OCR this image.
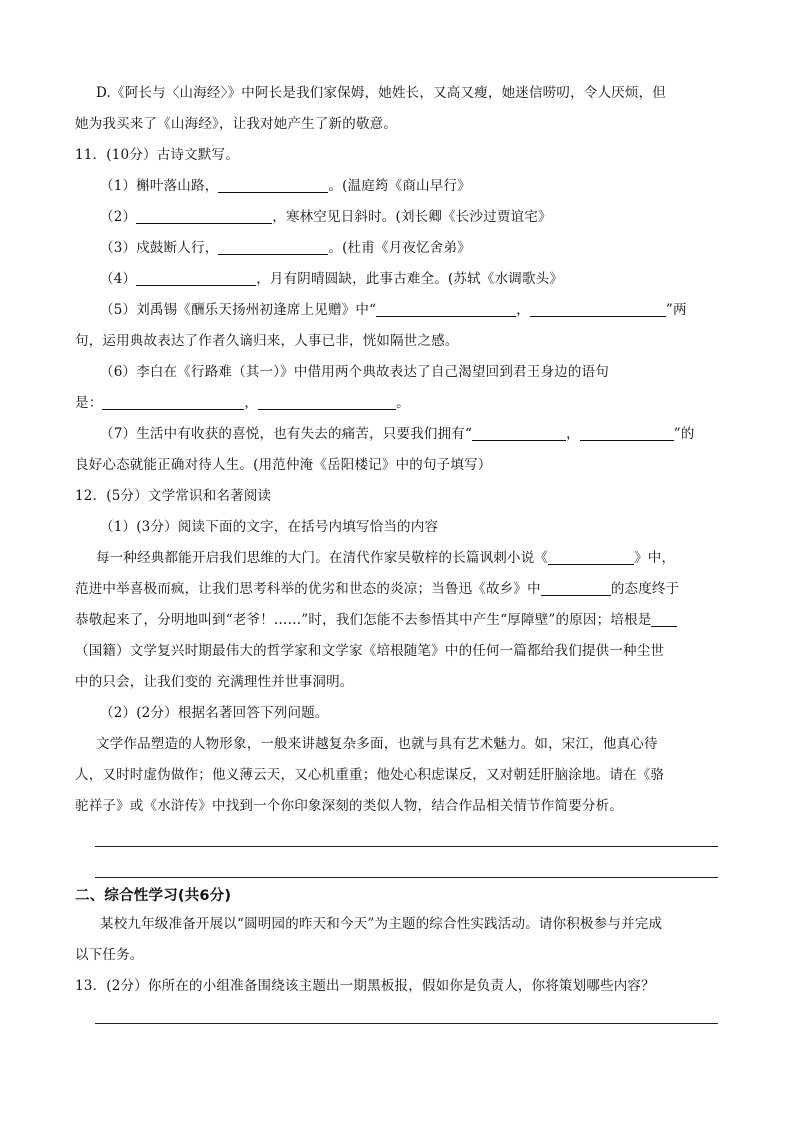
D.《阿长与〈山海经〉》中阿长是我们家保姆，她姓长，又高又瘦，她迷信唠叨，令人厌烦，但
她为我买来了《山海经》，让我对她产生了新的敬意。
11．(10分）古诗文默写。
（1）槲叶落山路，	。(温庭筠《商山早行》
（2）	，寒林空见日斜时。(刘长卿《长沙过贾谊宅》
（3）戍鼓断人行，	。(杜甫《月夜忆舍弟》
（4）	，月有阴晴圆缺，此事古难全。(苏轼《水调歌头》
（5）刘禹锡《酬乐天扬州初逢席上见赠》中“	，	”两
句，运用典故表达了作者久谪归来，人事已非，恍如隔世之感。
（6）李白在《行路难（其一）》中借用两个典故表达了自己渴望回到君王身边的语句
是：	，	。
（7）生活中有收获的喜悦，也有失去的痛苦，只要我们拥有“	，	”的
良好心态就能正确对待人生。(用范仲淹《岳阳楼记》中的句子填写）
12．(5分）文学常识和名著阅读
（1）(3分）阅读下面的文字，在括号内填写恰当的内容
每一种经典都能开启我们思维的大门。在清代作家吴敬梓的长篇讽刺小说《	》中，
范进中举喜极而疯，让我们思考科举的优劣和世态的炎凉；当鲁迅《故乡》中	的态度终于
恭敬起来了，分明地叫到“老爷！……”时，我们怎能不去参悟其中产生“厚障壁”的原因；培根是
（国籍）文学复兴时期最伟大的哲学家和文学家《培根随笔》中的任何一篇都给我们提供一种尘世
中的只会，让我们变的 充满理性并世事洞明。
（2）(2分）根据名著回答下列问题。
文学作品塑造的人物形象，一般来讲越复杂多面，也就与具有艺术魅力。如，宋江，他真心待
人，又时时虚伪做作；他义薄云天，又心机重重；他处心积虑谋反，又对朝廷肝脑涂地。请在《骆
驼祥子》或《水浒传》中找到一个你印象深刻的类似人物，结合作品相关情节作简要分析。
二、综合性学习(共6分)
某校九年级准备开展以“圆明园的昨天和今天”为主题的综合性实践活动。请你积极参与并完成
以下任务。
13．(2分）你所在的小组准备围绕该主题出一期黑板报，假如你是负责人，你将策划哪些内容？
